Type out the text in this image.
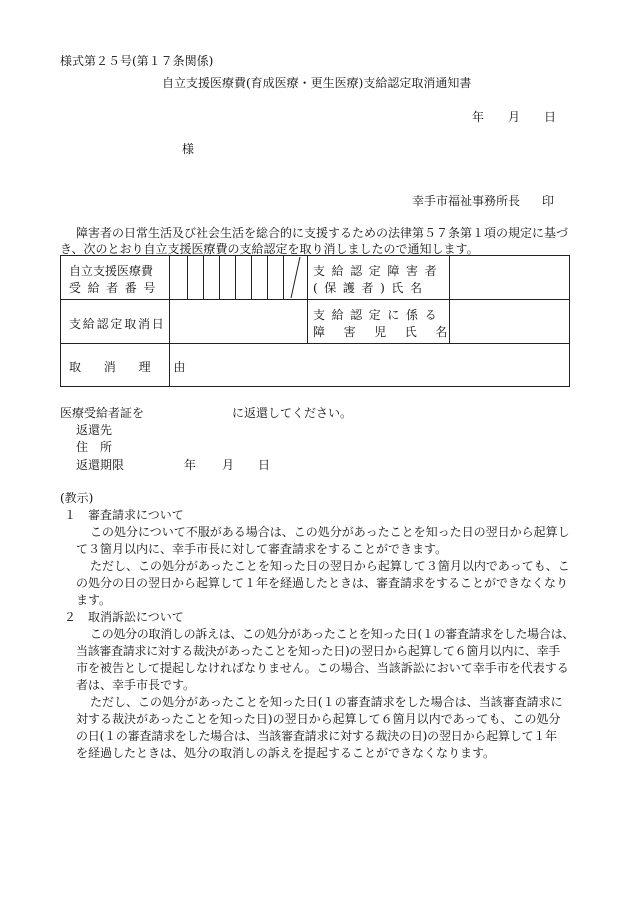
様式第２５号(第１７条関係)
自立支援医療費(育成医療・更生医療)支給認定取消通知書
年 月 日
様
幸手市福祉事務所長 印
障害者の日常生活及び社会生活を総合的に支援するための法律第５７条第１項の規定に基づ
き、次のとおり自立支援医療費の支給認定を取り消しましたので通知します。
自立支援医療費
受給者番号
支給認定障害者
(保護者)氏名
支給認定取消日
支給認定に係る
障害児氏名
取消理由
医療受給者証を	に返還してください。
返還先
住　所
返還期限	年 月 日
(教示)
１　審査請求について
この処分について不服がある場合は、この処分があったことを知った日の翌日から起算し
て３箇月以内に、幸手市長に対して審査請求をすることができます。
ただし、この処分があったことを知った日の翌日から起算して３箇月以内であっても、こ
の処分の日の翌日から起算して１年を経過したときは、審査請求をすることができなくなり
ます。
２　取消訴訟について
この処分の取消しの訴えは、この処分があったことを知った日(１の審査請求をした場合は、
当該審査請求に対する裁決があったことを知った日)の翌日から起算して６箇月以内に、幸手
市を被告として提起しなければなりません。この場合、当該訴訟において幸手市を代表する
者は、幸手市長です。
ただし、この処分があったことを知った日(１の審査請求をした場合は、当該審査請求に
対する裁決があったことを知った日)の翌日から起算して６箇月以内であっても、この処分
の日(１の審査請求をした場合は、当該審査請求に対する裁決の日)の翌日から起算して１年
を経過したときは、処分の取消しの訴えを提起することができなくなります。
